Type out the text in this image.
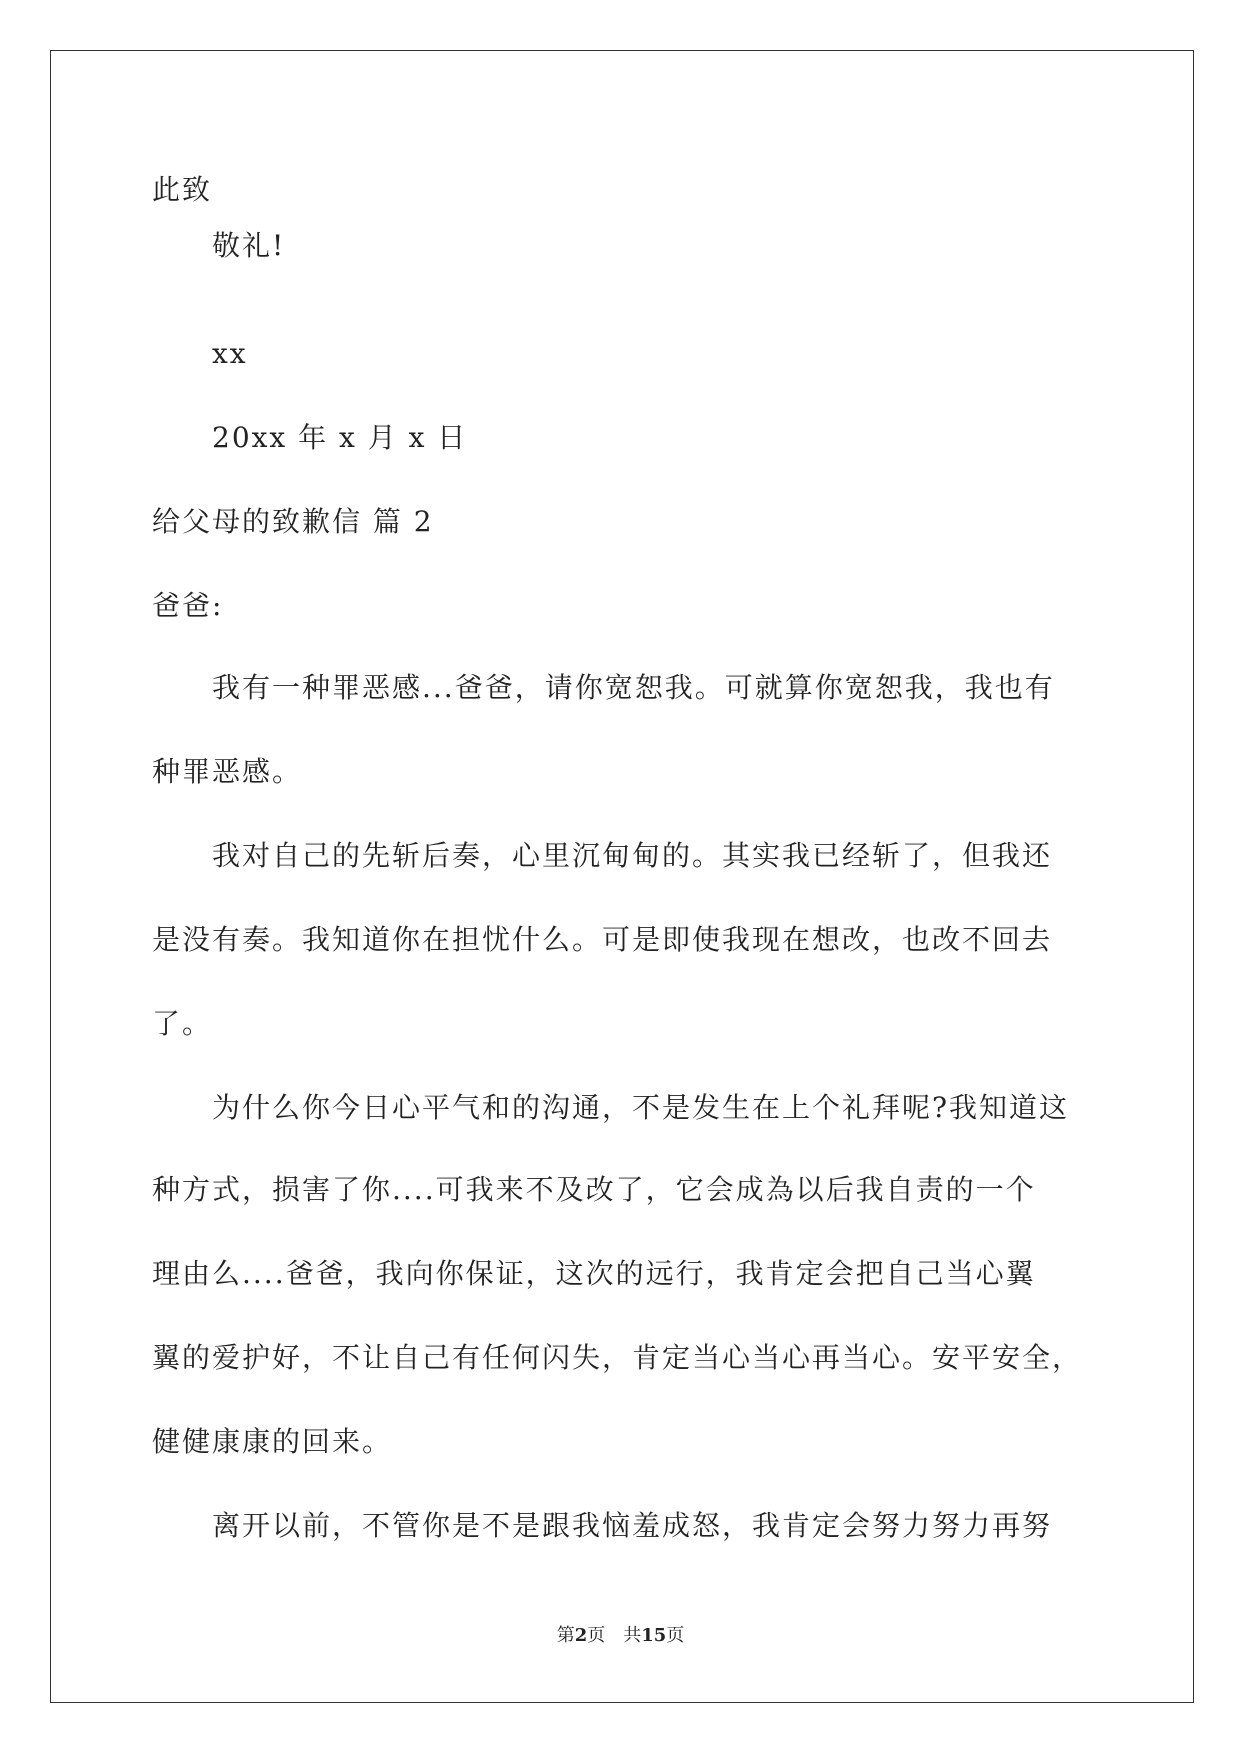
此致
敬礼!
xx
20xx 年 x 月 x 日
给父母的致歉信 篇 2
爸爸:
我有一种罪恶感...爸爸，请你宽恕我。可就算你宽恕我，我也有
种罪恶感。
我对自己的先斩后奏，心里沉甸甸的。其实我已经斩了，但我还
是没有奏。我知道你在担忧什么。可是即使我现在想改，也改不回去
了。
为什么你今日心平气和的沟通，不是发生在上个礼拜呢?我知道这
种方式，损害了你....可我来不及改了，它会成為以后我自责的一个
理由么....爸爸，我向你保证，这次的远行，我肯定会把自己当心翼
翼的爱护好，不让自己有任何闪失，肯定当心当心再当心。安平安全，
健健康康的回来。
离开以前，不管你是不是跟我恼羞成怒，我肯定会努力努力再努
第2页 共15页
